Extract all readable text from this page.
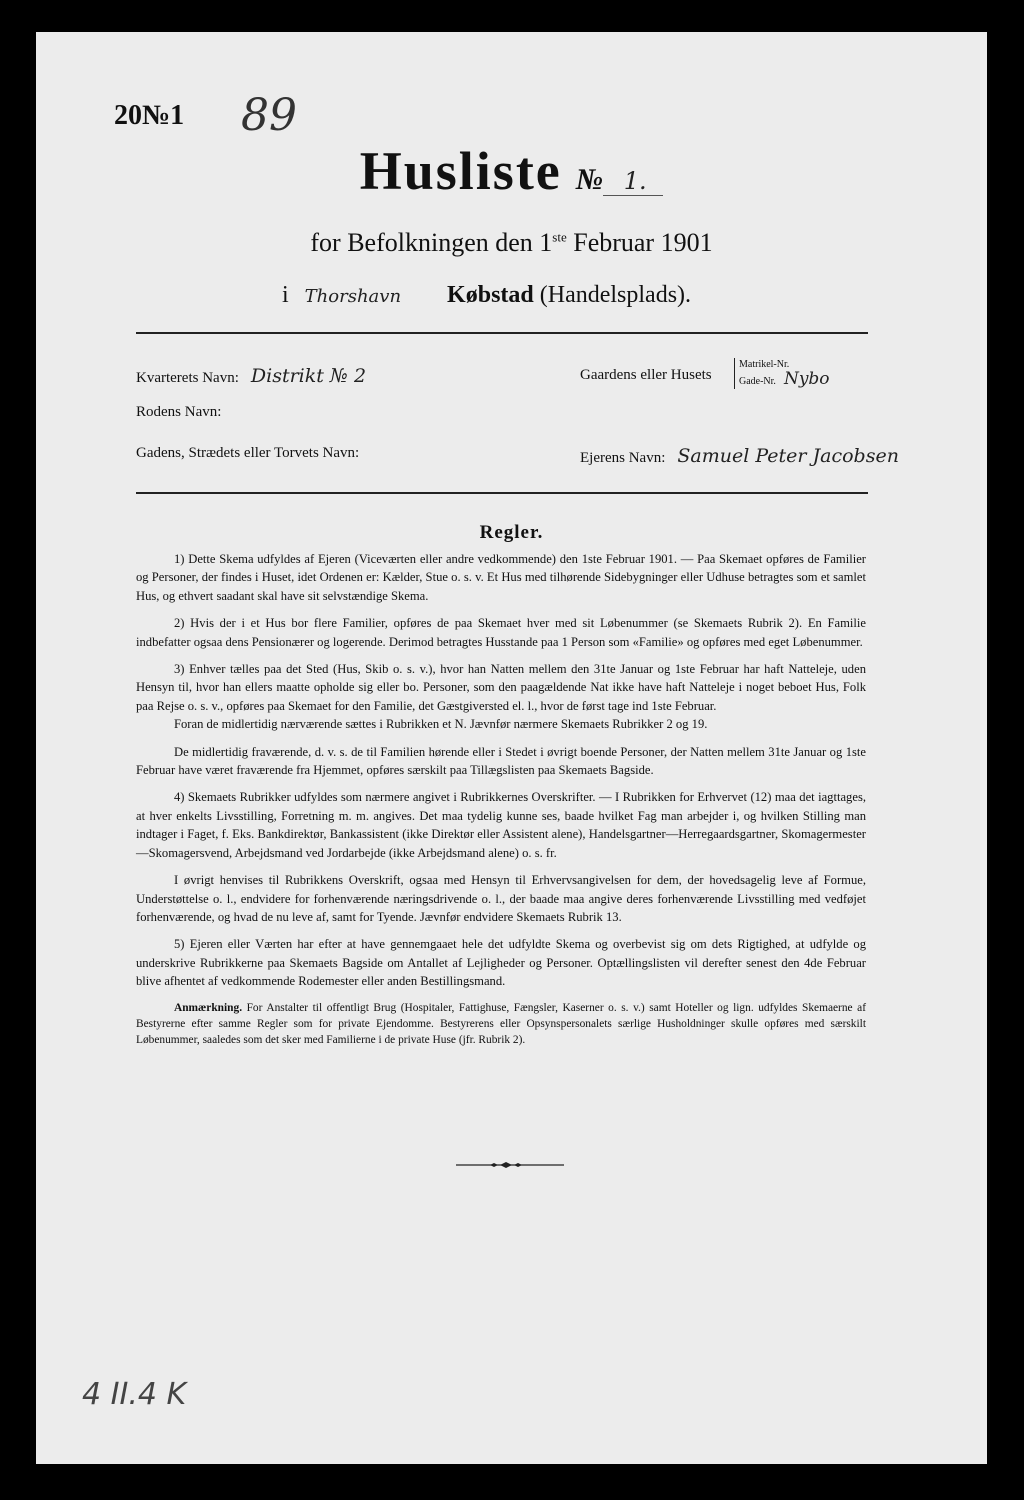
20№1 89
Husliste № 1.
for Befolkningen den 1ste Februar 1901
i Thorshavn Købstad (Handelsplads).
Kvarterets Navn: Distrikt № 2
Rodens Navn:
Gadens, Strædets eller Torvets Navn:
Gaardens eller Husets
Matrikel-Nr.
Gade-Nr. Nybo
Ejerens Navn: Samuel Peter Jacobsen
Regler.

1) Dette Skema udfyldes af Ejeren (Viceværten eller andre vedkommende) den 1ste Februar 1901. — Paa Skemaet opføres de Familier og Personer, der findes i Huset, idet Ordenen er: Kælder, Stue o. s. v. Et Hus med tilhørende Sidebygninger eller Udhuse betragtes som et samlet Hus, og ethvert saadant skal have sit selvstændige Skema.

2) Hvis der i et Hus bor flere Familier, opføres de paa Skemaet hver med sit Løbenummer (se Skemaets Rubrik 2). En Familie indbefatter ogsaa dens Pensionærer og logerende. Derimod betragtes Husstande paa 1 Person som «Familie» og opføres med eget Løbenummer.

3) Enhver tælles paa det Sted (Hus, Skib o. s. v.), hvor han Natten mellem den 31te Januar og 1ste Februar har haft Natteleje, uden Hensyn til, hvor han ellers maatte opholde sig eller bo. Personer, som den paagældende Nat ikke have haft Natteleje i noget beboet Hus, Folk paa Rejse o. s. v., opføres paa Skemaet for den Familie, det Gæstgiversted el. l., hvor de først tage ind 1ste Februar.

Foran de midlertidig nærværende sættes i Rubrikken et N. Jævnfør nærmere Skemaets Rubrikker 2 og 19.

De midlertidig fraværende, d. v. s. de til Familien hørende eller i Stedet i øvrigt boende Personer, der Natten mellem 31te Januar og 1ste Februar have været fraværende fra Hjemmet, opføres særskilt paa Tillægslisten paa Skemaets Bagside.

4) Skemaets Rubrikker udfyldes som nærmere angivet i Rubrikkernes Overskrifter. — I Rubrikken for Erhvervet (12) maa det iagttages, at hver enkelts Livsstilling, Forretning m. m. angives. Det maa tydelig kunne ses, baade hvilket Fag man arbejder i, og hvilken Stilling man indtager i Faget, f. Eks. Bankdirektør, Bankassistent (ikke Direktør eller Assistent alene), Handelsgartner—Herregaardsgartner, Skomagermester—Skomagersvend, Arbejdsmand ved Jordarbejde (ikke Arbejdsmand alene) o. s. fr.

I øvrigt henvises til Rubrikkens Overskrift, ogsaa med Hensyn til Erhvervsangivelsen for dem, der hovedsagelig leve af Formue, Understøttelse o. l., endvidere for forhenværende næringsdrivende o. l., der baade maa angive deres forhenværende Livsstilling med vedføjet forhenværende, og hvad de nu leve af, samt for Tyende. Jævnfør endvidere Skemaets Rubrik 13.

5) Ejeren eller Værten har efter at have gennemgaaet hele det udfyldte Skema og overbevist sig om dets Rigtighed, at udfylde og underskrive Rubrikkerne paa Skemaets Bagside om Antallet af Lejligheder og Personer. Optællingslisten vil derefter senest den 4de Februar blive afhentet af vedkommende Rodemester eller anden Bestillingsmand.

Anmærkning. For Anstalter til offentligt Brug (Hospitaler, Fattighuse, Fængsler, Kaserner o. s. v.) samt Hoteller og lign. udfyldes Skemaerne af Bestyrerne efter samme Regler som for private Ejendomme. Bestyrerens eller Opsynspersonalets særlige Husholdninger skulle opføres med særskilt Løbenummer, saaledes som det sker med Familierne i de private Huse (jfr. Rubrik 2).

4 II.4 K
